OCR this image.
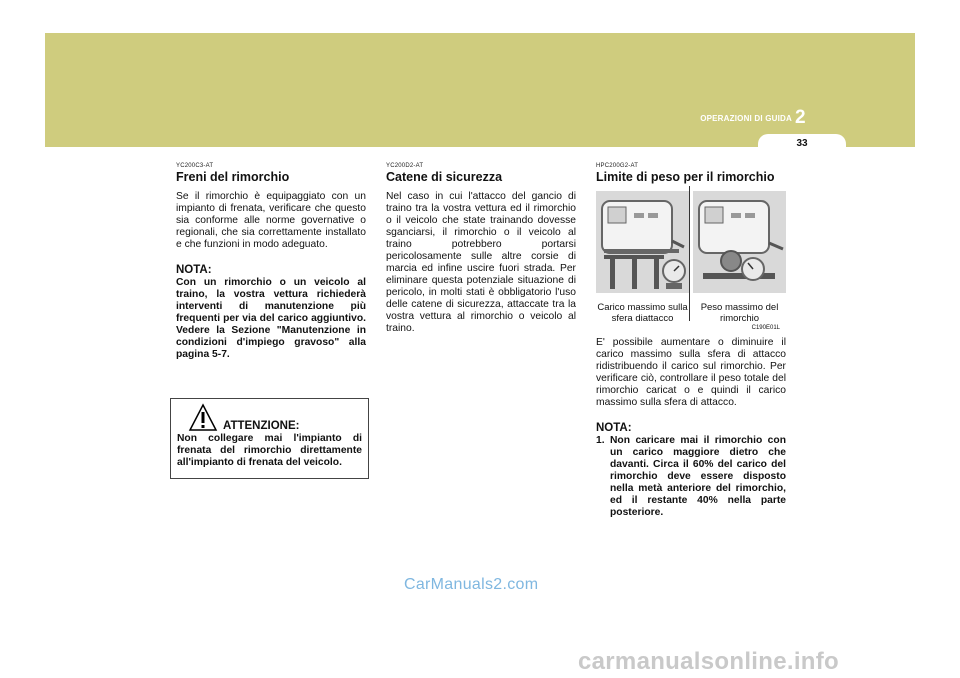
OPERAZIONI DI GUIDA 2
33
YC200C3-AT
Freni del rimorchio
Se il rimorchio è equipaggiato con un impianto di frenata, verificare che questo sia conforme alle norme governative o regionali, che sia correttamente installato e che funzioni in modo adeguato.
NOTA:
Con un rimorchio o un veicolo al traino, la vostra vettura richiederà interventi di manutenzione più frequenti per via del carico aggiuntivo. Vedere la Sezione "Manutenzione in condizioni d'impiego gravoso" alla pagina 5-7.
ATTENZIONE:
Non collegare mai l'impianto di frenata del rimorchio direttamente all'impianto di frenata del veicolo.
YC200D2-AT
Catene di sicurezza
Nel caso in cui l'attacco del gancio di traino tra la vostra vettura ed il rimorchio o il veicolo che state trainando dovesse sganciarsi, il rimorchio o il veicolo al traino potrebbero portarsi pericolosamente sulle altre corsie di marcia ed infine uscire fuori strada. Per eliminare questa potenziale situazione di pericolo, in molti stati è obbligatorio l'uso delle catene di sicurezza, attaccate tra la vostra vettura al rimorchio o veicolo al traino.
HPC200G2-AT
Limite di peso per il rimorchio
Carico massimo sulla sfera diattacco
Peso massimo del rimorchio
C190E01L
E' possibile aumentare o diminuire il carico massimo sulla sfera di attacco ridistribuendo il carico sul rimorchio. Per verificare ciò, controllare il peso totale del rimorchio caricat o e quindi il carico massimo sulla sfera di attacco.
NOTA:
1. Non caricare mai il rimorchio con un carico maggiore dietro che davanti. Circa il 60% del carico del rimorchio deve essere disposto nella metà anteriore del rimorchio, ed il restante 40% nella parte posteriore.
CarManuals2.com
carmanualsonline.info
